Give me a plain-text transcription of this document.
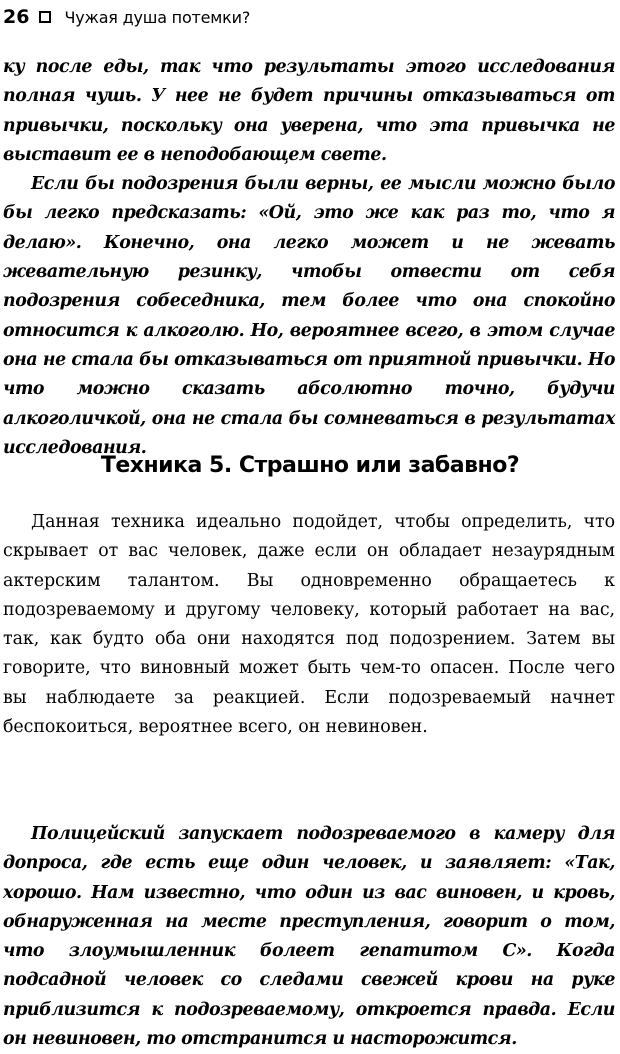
26 Чужая душа потемки?

ку после еды, так что результаты этого исследования полная чушь. У нее не будет причины отказываться от привычки, поскольку она уверена, что эта привычка не выставит ее в неподобающем свете.

Если бы подозрения были верны, ее мысли можно было бы легко предсказать: «Ой, это же как раз то, что я делаю». Конечно, она легко может и не жевать жевательную резинку, чтобы отвести от себя подозрения собеседника, тем более что она спокойно относится к алкоголю. Но, вероятнее всего, в этом случае она не стала бы отказываться от приятной привычки. Но что можно сказать абсолютно точно, будучи алкоголичкой, она не стала бы сомневаться в результатах исследования.

Техника 5. Страшно или забавно?

Данная техника идеально подойдет, чтобы определить, что скрывает от вас человек, даже если он обладает незаурядным актерским талантом. Вы одновременно обращаетесь к подозреваемому и другому человеку, который работает на вас, так, как будто оба они находятся под подозрением. Затем вы говорите, что виновный может быть чем-то опасен. После чего вы наблюдаете за реакцией. Если подозреваемый начнет беспокоиться, вероятнее всего, он невиновен.

Полицейский запускает подозреваемого в камеру для допроса, где есть еще один человек, и заявляет: «Так, хорошо. Нам известно, что один из вас виновен, и кровь, обнаруженная на месте преступления, говорит о том, что злоумышленник болеет гепатитом С». Когда подсадной человек со следами свежей крови на руке приблизится к подозреваемому, откроется правда. Если он невиновен, то отстранится и насторожится.
